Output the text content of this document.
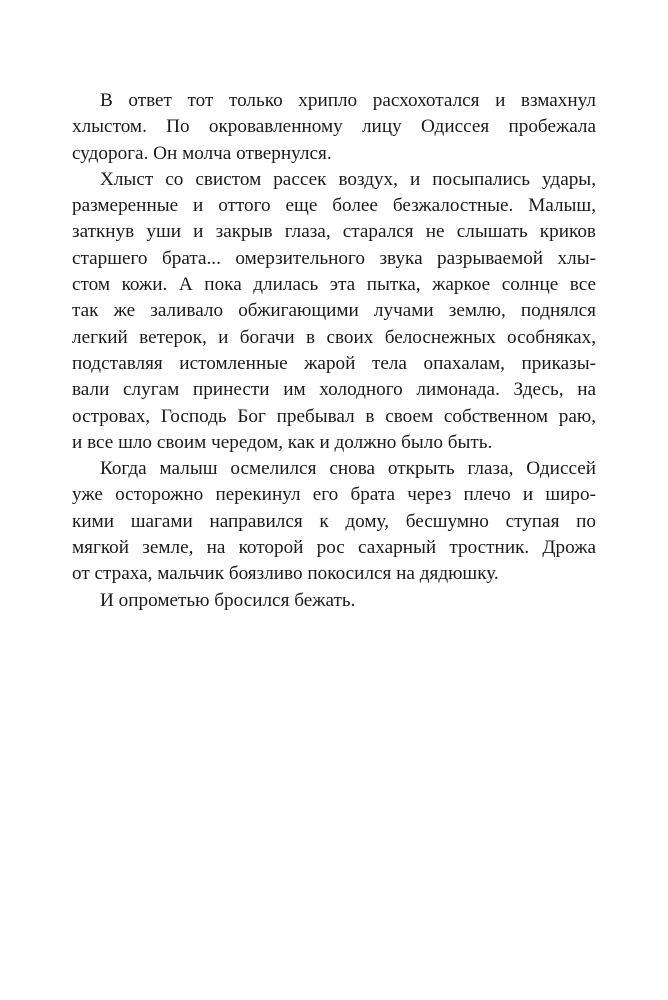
В ответ тот только хрипло расхохотался и взмахнул
хлыстом. По окровавленному лицу Одиссея пробежала
судорога. Он молча отвернулся.
Хлыст со свистом рассек воздух, и посыпались удары,
размеренные и оттого еще более безжалостные. Малыш,
заткнув уши и закрыв глаза, старался не слышать криков
старшего брата... омерзительного звука разрываемой хлы-
стом кожи. А пока длилась эта пытка, жаркое солнце все
так же заливало обжигающими лучами землю, поднялся
легкий ветерок, и богачи в своих белоснежных особняках,
подставляя истомленные жарой тела опахалам, приказы-
вали слугам принести им холодного лимонада. Здесь, на
островах, Господь Бог пребывал в своем собственном раю,
и все шло своим чередом, как и должно было быть.
Когда малыш осмелился снова открыть глаза, Одиссей
уже осторожно перекинул его брата через плечо и широ-
кими шагами направился к дому, бесшумно ступая по
мягкой земле, на которой рос сахарный тростник. Дрожа
от страха, мальчик боязливо покосился на дядюшку.
И опрометью бросился бежать.
